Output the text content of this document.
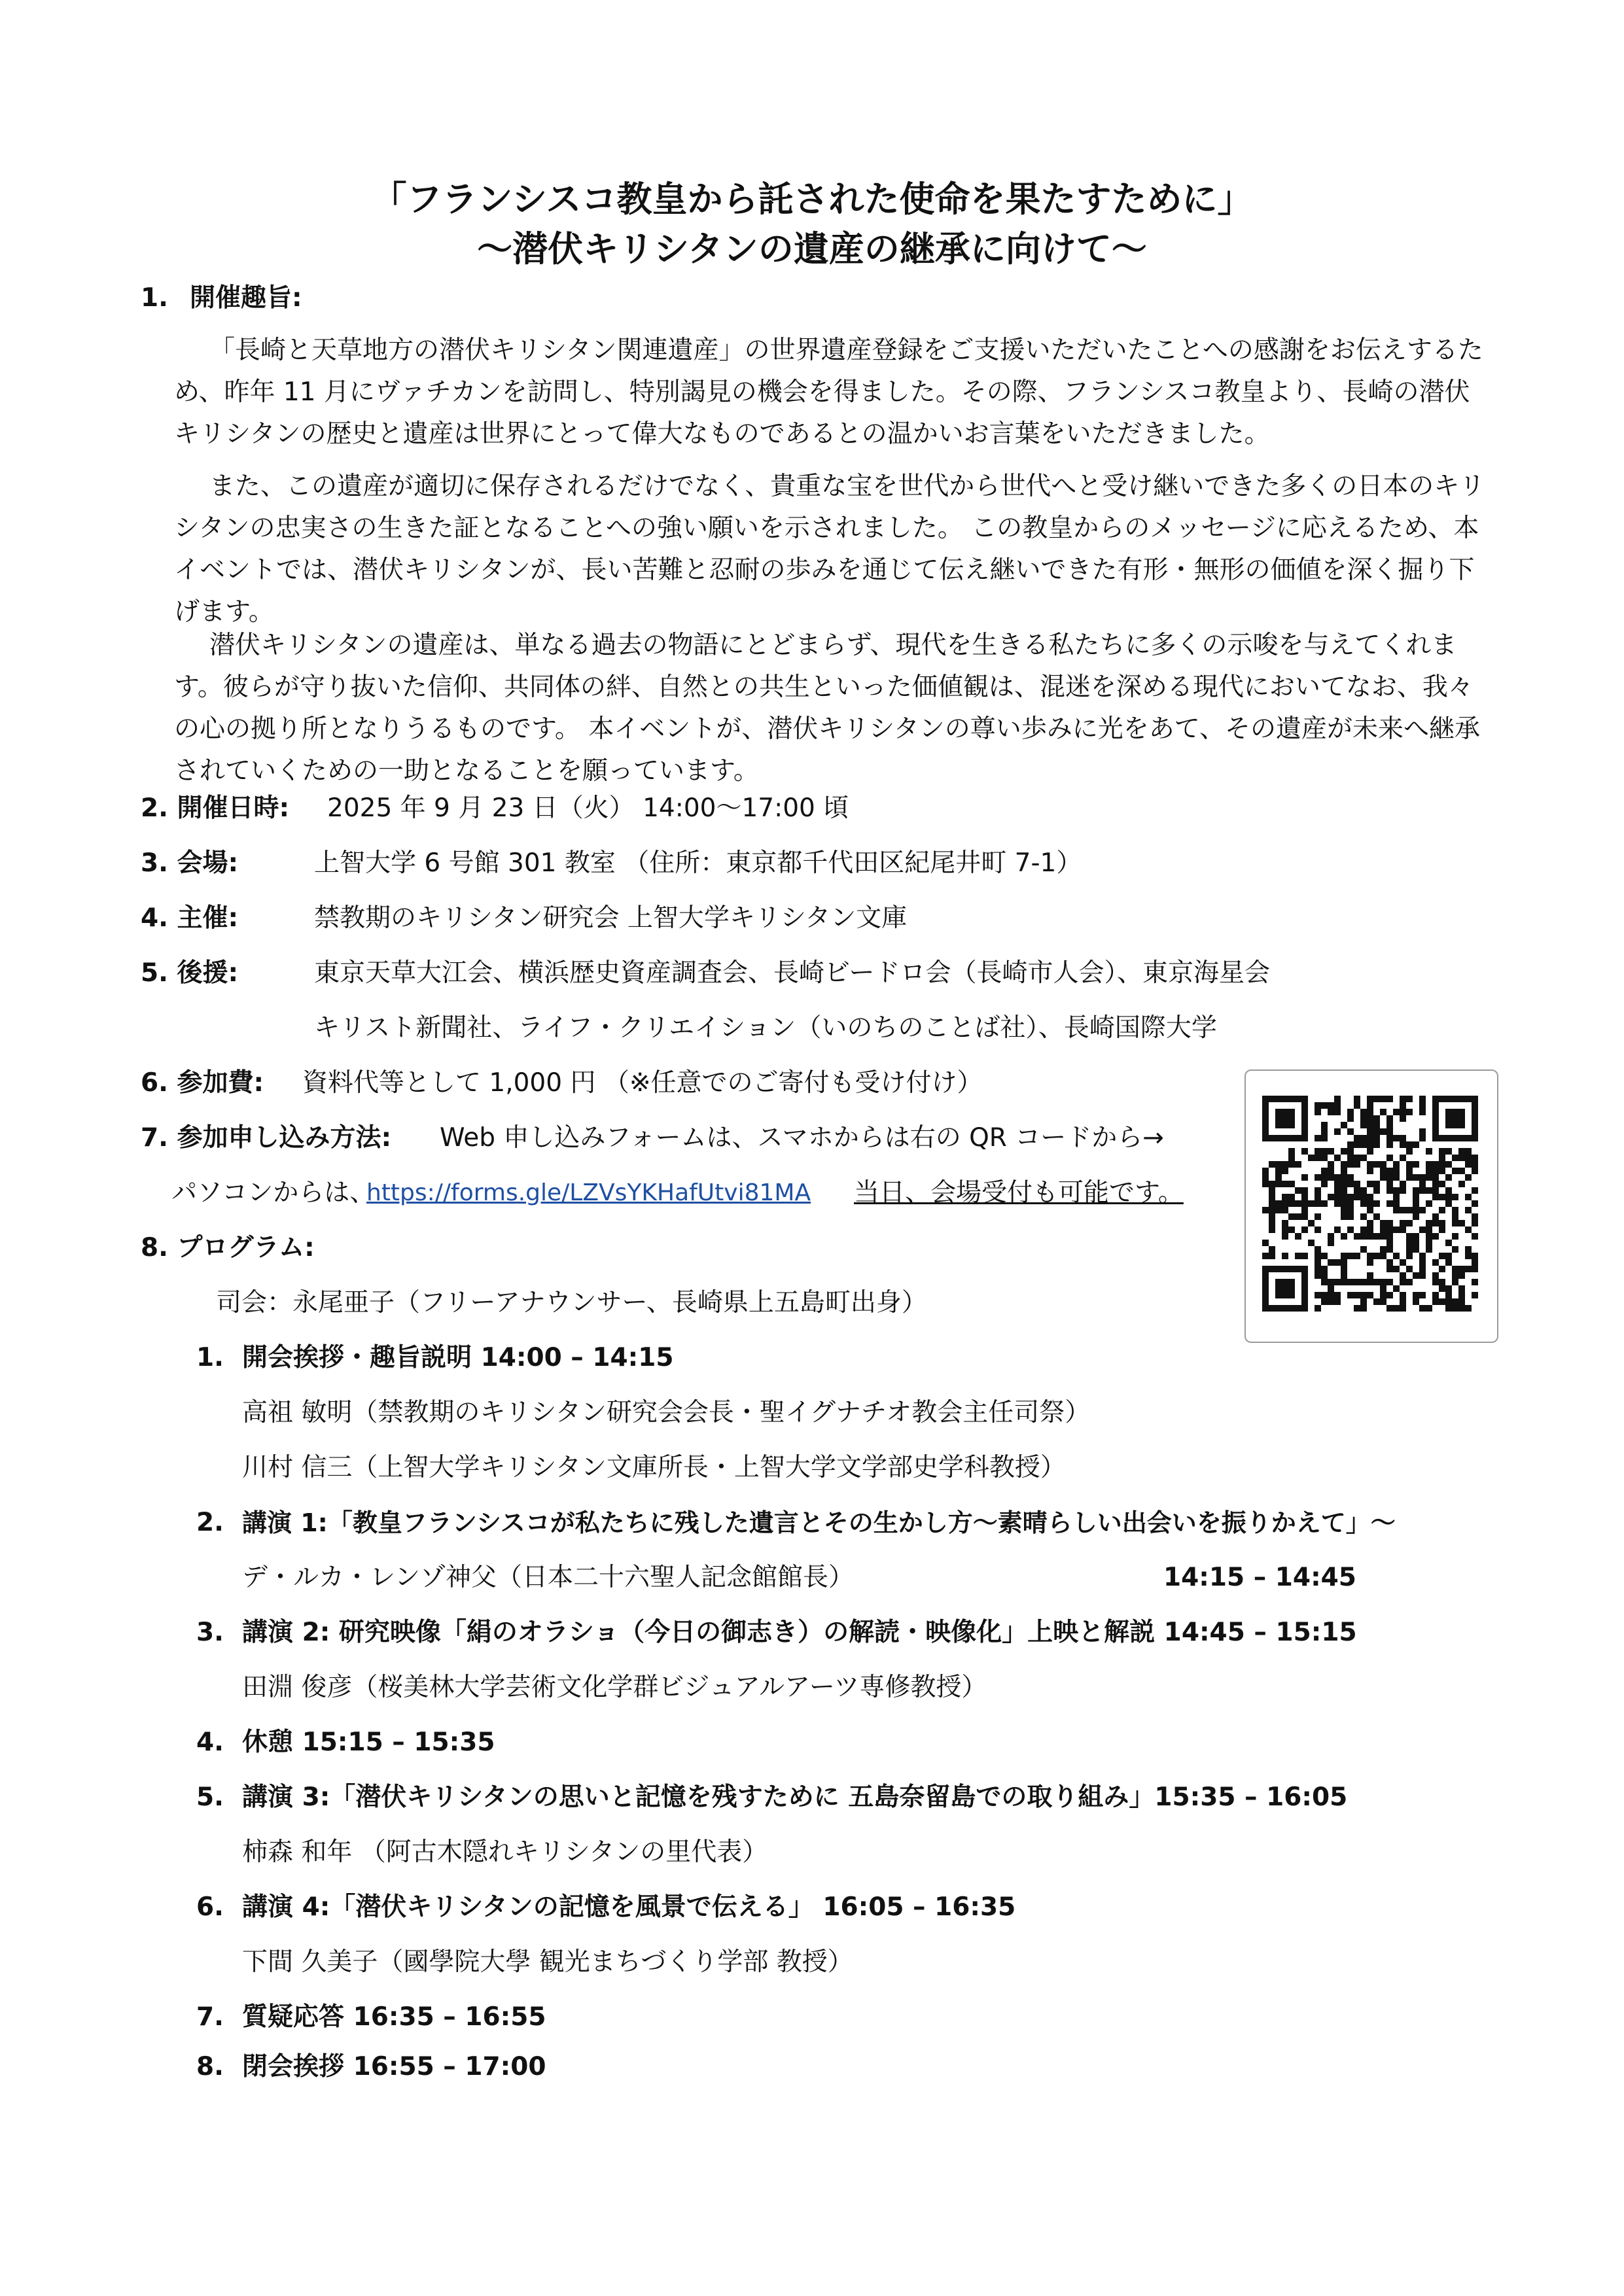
「フランシスコ教皇から託された使命を果たすために」
～潜伏キリシタンの遺産の継承に向けて～
1. 開催趣旨:
「長崎と天草地方の潜伏キリシタン関連遺産」の世界遺産登録をご支援いただいたことへの感謝をお伝えするため、昨年 11 月にヴァチカンを訪問し、特別謁見の機会を得ました。その際、フランシスコ教皇より、長崎の潜伏キリシタンの歴史と遺産は世界にとって偉大なものであるとの温かいお言葉をいただきました。
また、この遺産が適切に保存されるだけでなく、貴重な宝を世代から世代へと受け継いできた多くの日本のキリシタンの忠実さの生きた証となることへの強い願いを示されました。 この教皇からのメッセージに応えるため、本イベントでは、潜伏キリシタンが、長い苦難と忍耐の歩みを通じて伝え継いできた有形・無形の価値を深く掘り下げます。
潜伏キリシタンの遺産は、単なる過去の物語にとどまらず、現代を生きる私たちに多くの示唆を与えてくれます。彼らが守り抜いた信仰、共同体の絆、自然との共生といった価値観は、混迷を深める現代においてなお、我々の心の拠り所となりうるものです。 本イベントが、潜伏キリシタンの尊い歩みに光をあて、その遺産が未来へ継承されていくための一助となることを願っています。
2. 開催日時: 2025 年 9 月 23 日（火） 14:00～17:00 頃
3. 会場:	上智大学 6 号館 301 教室 （住所：東京都千代田区紀尾井町 7-1）
4. 主催:	禁教期のキリシタン研究会 上智大学キリシタン文庫
5. 後援:	東京天草大江会、横浜歴史資産調査会、長崎ビードロ会（長崎市人会）、東京海星会
キリスト新聞社、ライフ・クリエイション（いのちのことば社）、長崎国際大学
6. 参加費: 資料代等として 1,000 円 （※任意でのご寄付も受け付け）
7. 参加申し込み方法: Web 申し込みフォームは、スマホからは右の QR コードから→
パソコンからは、
https://forms.gle/LZVsYKHafUtvi81MA 当日、会場受付も可能です。
8. プログラム:
司会：永尾亜子（フリーアナウンサー、長崎県上五島町出身）
1. 開会挨拶・趣旨説明 14:00 – 14:15
高祖 敏明（禁教期のキリシタン研究会会長・聖イグナチオ教会主任司祭）
川村 信三（上智大学キリシタン文庫所長・上智大学文学部史学科教授）
2. 講演 1:「教皇フランシスコが私たちに残した遺言とその生かし方～素晴らしい出会いを振りかえて」～
デ・ルカ・レンゾ神父（日本二十六聖人記念館館長）	14:15 – 14:45
3. 講演 2: 研究映像「絹のオラショ（今日の御志き）の解読・映像化」上映と解説 14:45 – 15:15
田淵 俊彦（桜美林大学芸術文化学群ビジュアルアーツ専修教授）
4. 休憩 15:15 – 15:35
5. 講演 3:「潜伏キリシタンの思いと記憶を残すために 五島奈留島での取り組み」15:35 – 16:05
柿森 和年 （阿古木隠れキリシタンの里代表）
6. 講演 4:「潜伏キリシタンの記憶を風景で伝える」 16:05 – 16:35
下間 久美子（國學院大學 観光まちづくり学部 教授）
7. 質疑応答 16:35 – 16:55
8. 閉会挨拶 16:55 – 17:00
